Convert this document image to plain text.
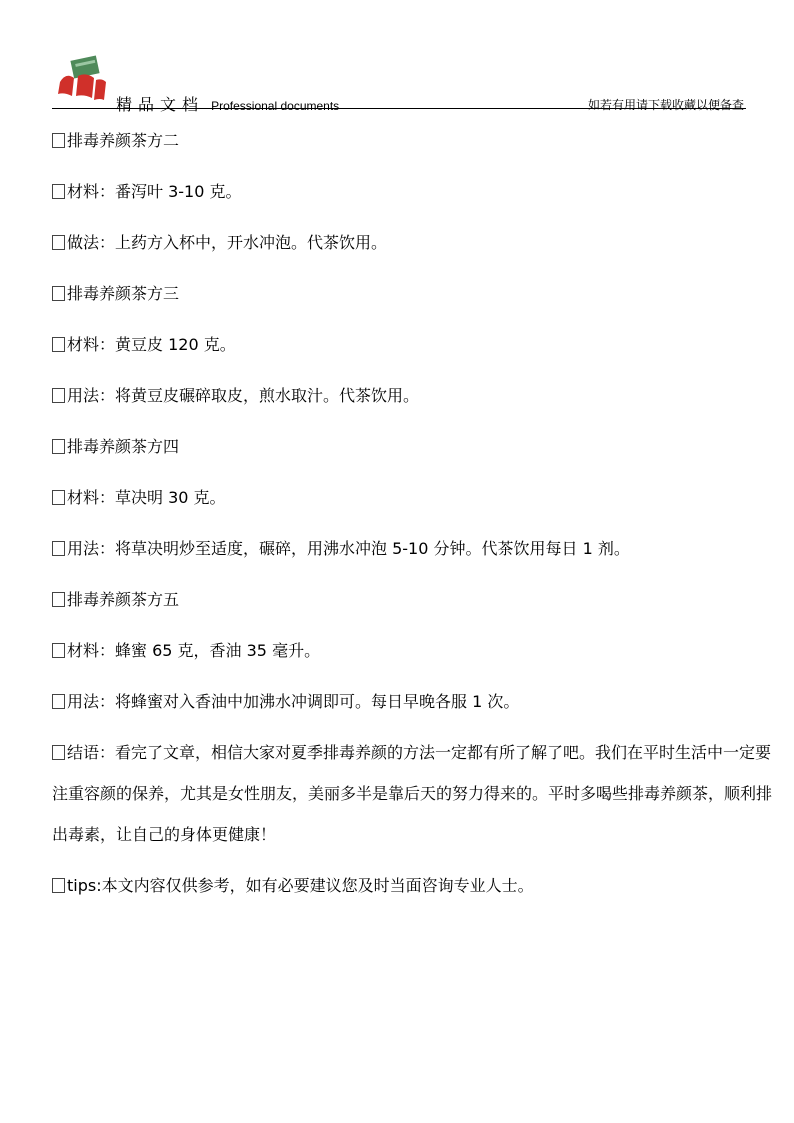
精品文档 Professional documents	如若有用请下载收藏以便备查

排毒养颜茶方二

材料：番泻叶 3-10 克。

做法：上药方入杯中，开水冲泡。代茶饮用。

排毒养颜茶方三

材料：黄豆皮 120 克。

用法：将黄豆皮碾碎取皮，煎水取汁。代茶饮用。

排毒养颜茶方四

材料：草决明 30 克。

用法：将草决明炒至适度，碾碎，用沸水冲泡 5-10 分钟。代茶饮用每日 1 剂。

排毒养颜茶方五

材料：蜂蜜 65 克，香油 35 毫升。

用法：将蜂蜜对入香油中加沸水冲调即可。每日早晚各服 1 次。

结语：看完了文章，相信大家对夏季排毒养颜的方法一定都有所了解了吧。我们在平时生活中一定要注重容颜的保养，尤其是女性朋友，美丽多半是靠后天的努力得来的。平时多喝些排毒养颜茶，顺利排出毒素，让自己的身体更健康！

tips:本文内容仅供参考，如有必要建议您及时当面咨询专业人士。
